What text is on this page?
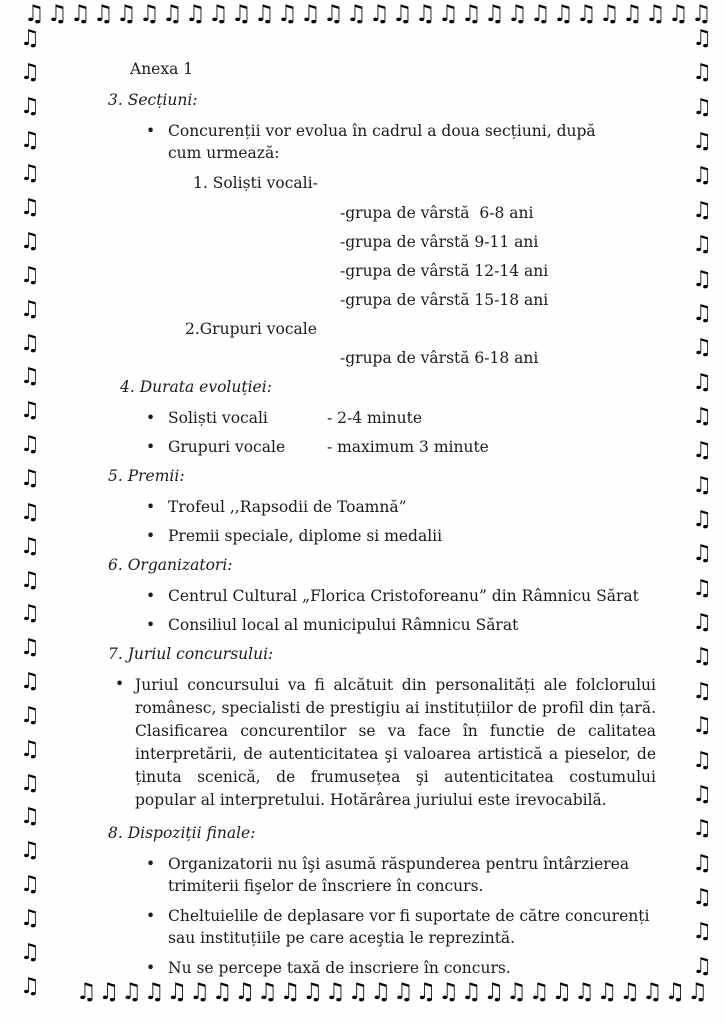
♫ ♫ ♫ ♫ ♫ ♫ ♫ ♫ ♫ ♫ ♫ ♫ ♫ ♫ ♫ ♫ ♫ ♫ ♫ ♫ ♫ ♫ ♫ ♫ ♫ ♫ ♫ ♫ ♫ ♫
♫ ♫ ♫ ♫ ♫ ♫ ♫ ♫ ♫ ♫ ♫ ♫ ♫ ♫ ♫ ♫ ♫ ♫ ♫ ♫ ♫ ♫ ♫ ♫ ♫ ♫ ♫ ♫
♫
♫
♫
♫
♫
♫
♫
♫
♫
♫
♫
♫
♫
♫
♫
♫
♫
♫
♫
♫
♫
♫
♫
♫
♫
♫
♫
♫
♫
♫
♫
♫
♫
♫
♫
♫
♫
♫
♫
♫
♫
♫
♫
♫
♫
♫
♫
♫
♫
♫
♫
♫
♫
♫
♫
♫
♫

Anexa 1

3. Secțiuni:

• Concurenții vor evolua în cadrul a doua secțiuni, după cum urmează:

1. Soliști vocali-

-grupa de vârstă  6-8 ani

-grupa de vârstă 9-11 ani

-grupa de vârstă 12-14 ani

-grupa de vârstă 15-18 ani

2.Grupuri vocale

-grupa de vârstă 6-18 ani

4. Durata evoluției:

• Soliști vocali	- 2-4 minute
• Grupuri vocale	- maximum 3 minute

5. Premii:

• Trofeul ,,Rapsodii de Toamnă”
• Premii speciale, diplome si medalii

6. Organizatori:

• Centrul Cultural „Florica Cristoforeanu” din Râmnicu Sărat
• Consiliul local al municipului Râmnicu Sărat

7. Juriul concursului:

• Juriul concursului va fi alcătuit din personalități ale folclorului românesc, specialisti de prestigiu ai instituțiilor de profil din țară. Clasificarea concurentilor se va face în functie de calitatea interpretării, de autenticitatea şi valoarea artistică a pieselor, de ținuta scenică, de frumusețea şi autenticitatea costumului popular al interpretului. Hotărârea juriului este irevocabilă.

8. Dispoziții finale:

• Organizatorii nu îşi asumă răspunderea pentru întârzierea trimiterii fişelor de înscriere în concurs.
• Cheltuielile de deplasare vor fi suportate de către concurenți sau instituțiile pe care aceştia le reprezintă.
• Nu se percepe taxă de inscriere în concurs.
